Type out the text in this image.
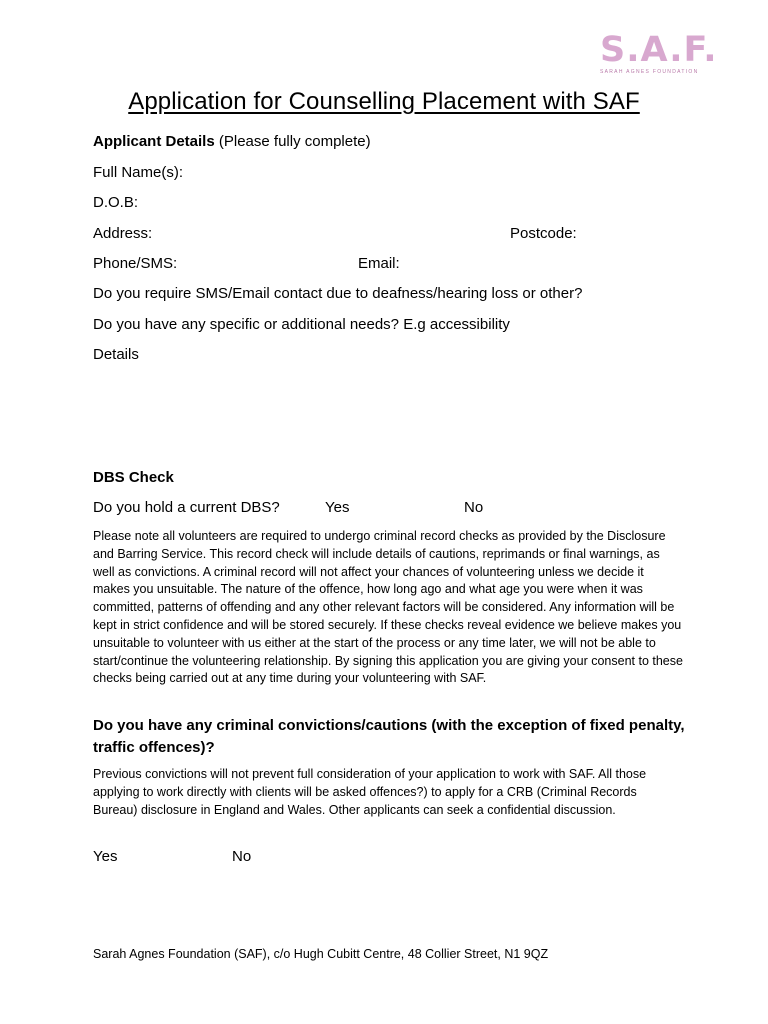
S.A.F.
SARAH AGNES FOUNDATION
Application for Counselling Placement with SAF
Applicant Details (Please fully complete)
Full Name(s):
D.O.B:
Address:	Postcode:
Phone/SMS:	Email:
Do you require SMS/Email contact due to deafness/hearing loss or other?
Do you have any specific or additional needs? E.g accessibility
Details
DBS Check
Do you hold a current DBS?	Yes	No
Please note all volunteers are required to undergo criminal record checks as provided by the Disclosure and Barring Service. This record check will include details of cautions, reprimands or final warnings, as well as convictions. A criminal record will not affect your chances of volunteering unless we decide it makes you unsuitable. The nature of the offence, how long ago and what age you were when it was committed, patterns of offending and any other relevant factors will be considered. Any information will be kept in strict confidence and will be stored securely. If these checks reveal evidence we believe makes you unsuitable to volunteer with us either at the start of the process or any time later, we will not be able to start/continue the volunteering relationship. By signing this application you are giving your consent to these checks being carried out at any time during your volunteering with SAF.
Do you have any criminal convictions/cautions (with the exception of fixed penalty, traffic offences)?
Previous convictions will not prevent full consideration of your application to work with SAF. All those applying to work directly with clients will be asked offences?) to apply for a CRB (Criminal Records Bureau) disclosure in England and Wales. Other applicants can seek a confidential discussion.
Yes	No
Sarah Agnes Foundation (SAF), c/o Hugh Cubitt Centre, 48 Collier Street, N1 9QZ
